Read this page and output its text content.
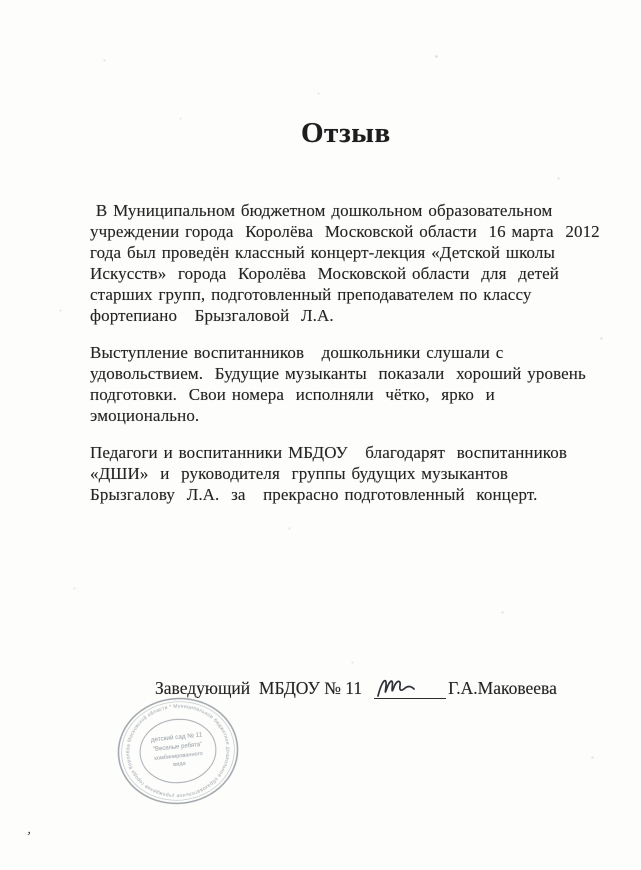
Отзыв
В Муниципальном бюджетном дошкольном образовательном
учреждении города  Королёва  Московской области  16 марта  2012
года был проведён классный концерт-лекция «Детской школы
Искусств»  города  Королёва  Московской области  для  детей
старших групп, подготовленный преподавателем по классу
фортепиано   Брызгаловой  Л.А.
Выступление воспитанников   дошкольники слушали с
удовольствием.  Будущие музыканты  показали  хороший уровень
подготовки.  Свои номера  исполняли  чётко,  ярко  и
эмоционально.
Педагоги и воспитанники МБДОУ   благодарят  воспитанников
«ДШИ»  и  руководителя  группы будущих музыкантов
Брызгалову  Л.А.  за   прекрасно подготовленный  концерт.
Заведующий  МБДОУ № 11	Г.А.Маковеева
Муниципальное бюджетное дошкольное образовательное учреждение города Королёва Московской области *
детский сад № 11
"Веселые ребята"
комбинированного
вида
’
